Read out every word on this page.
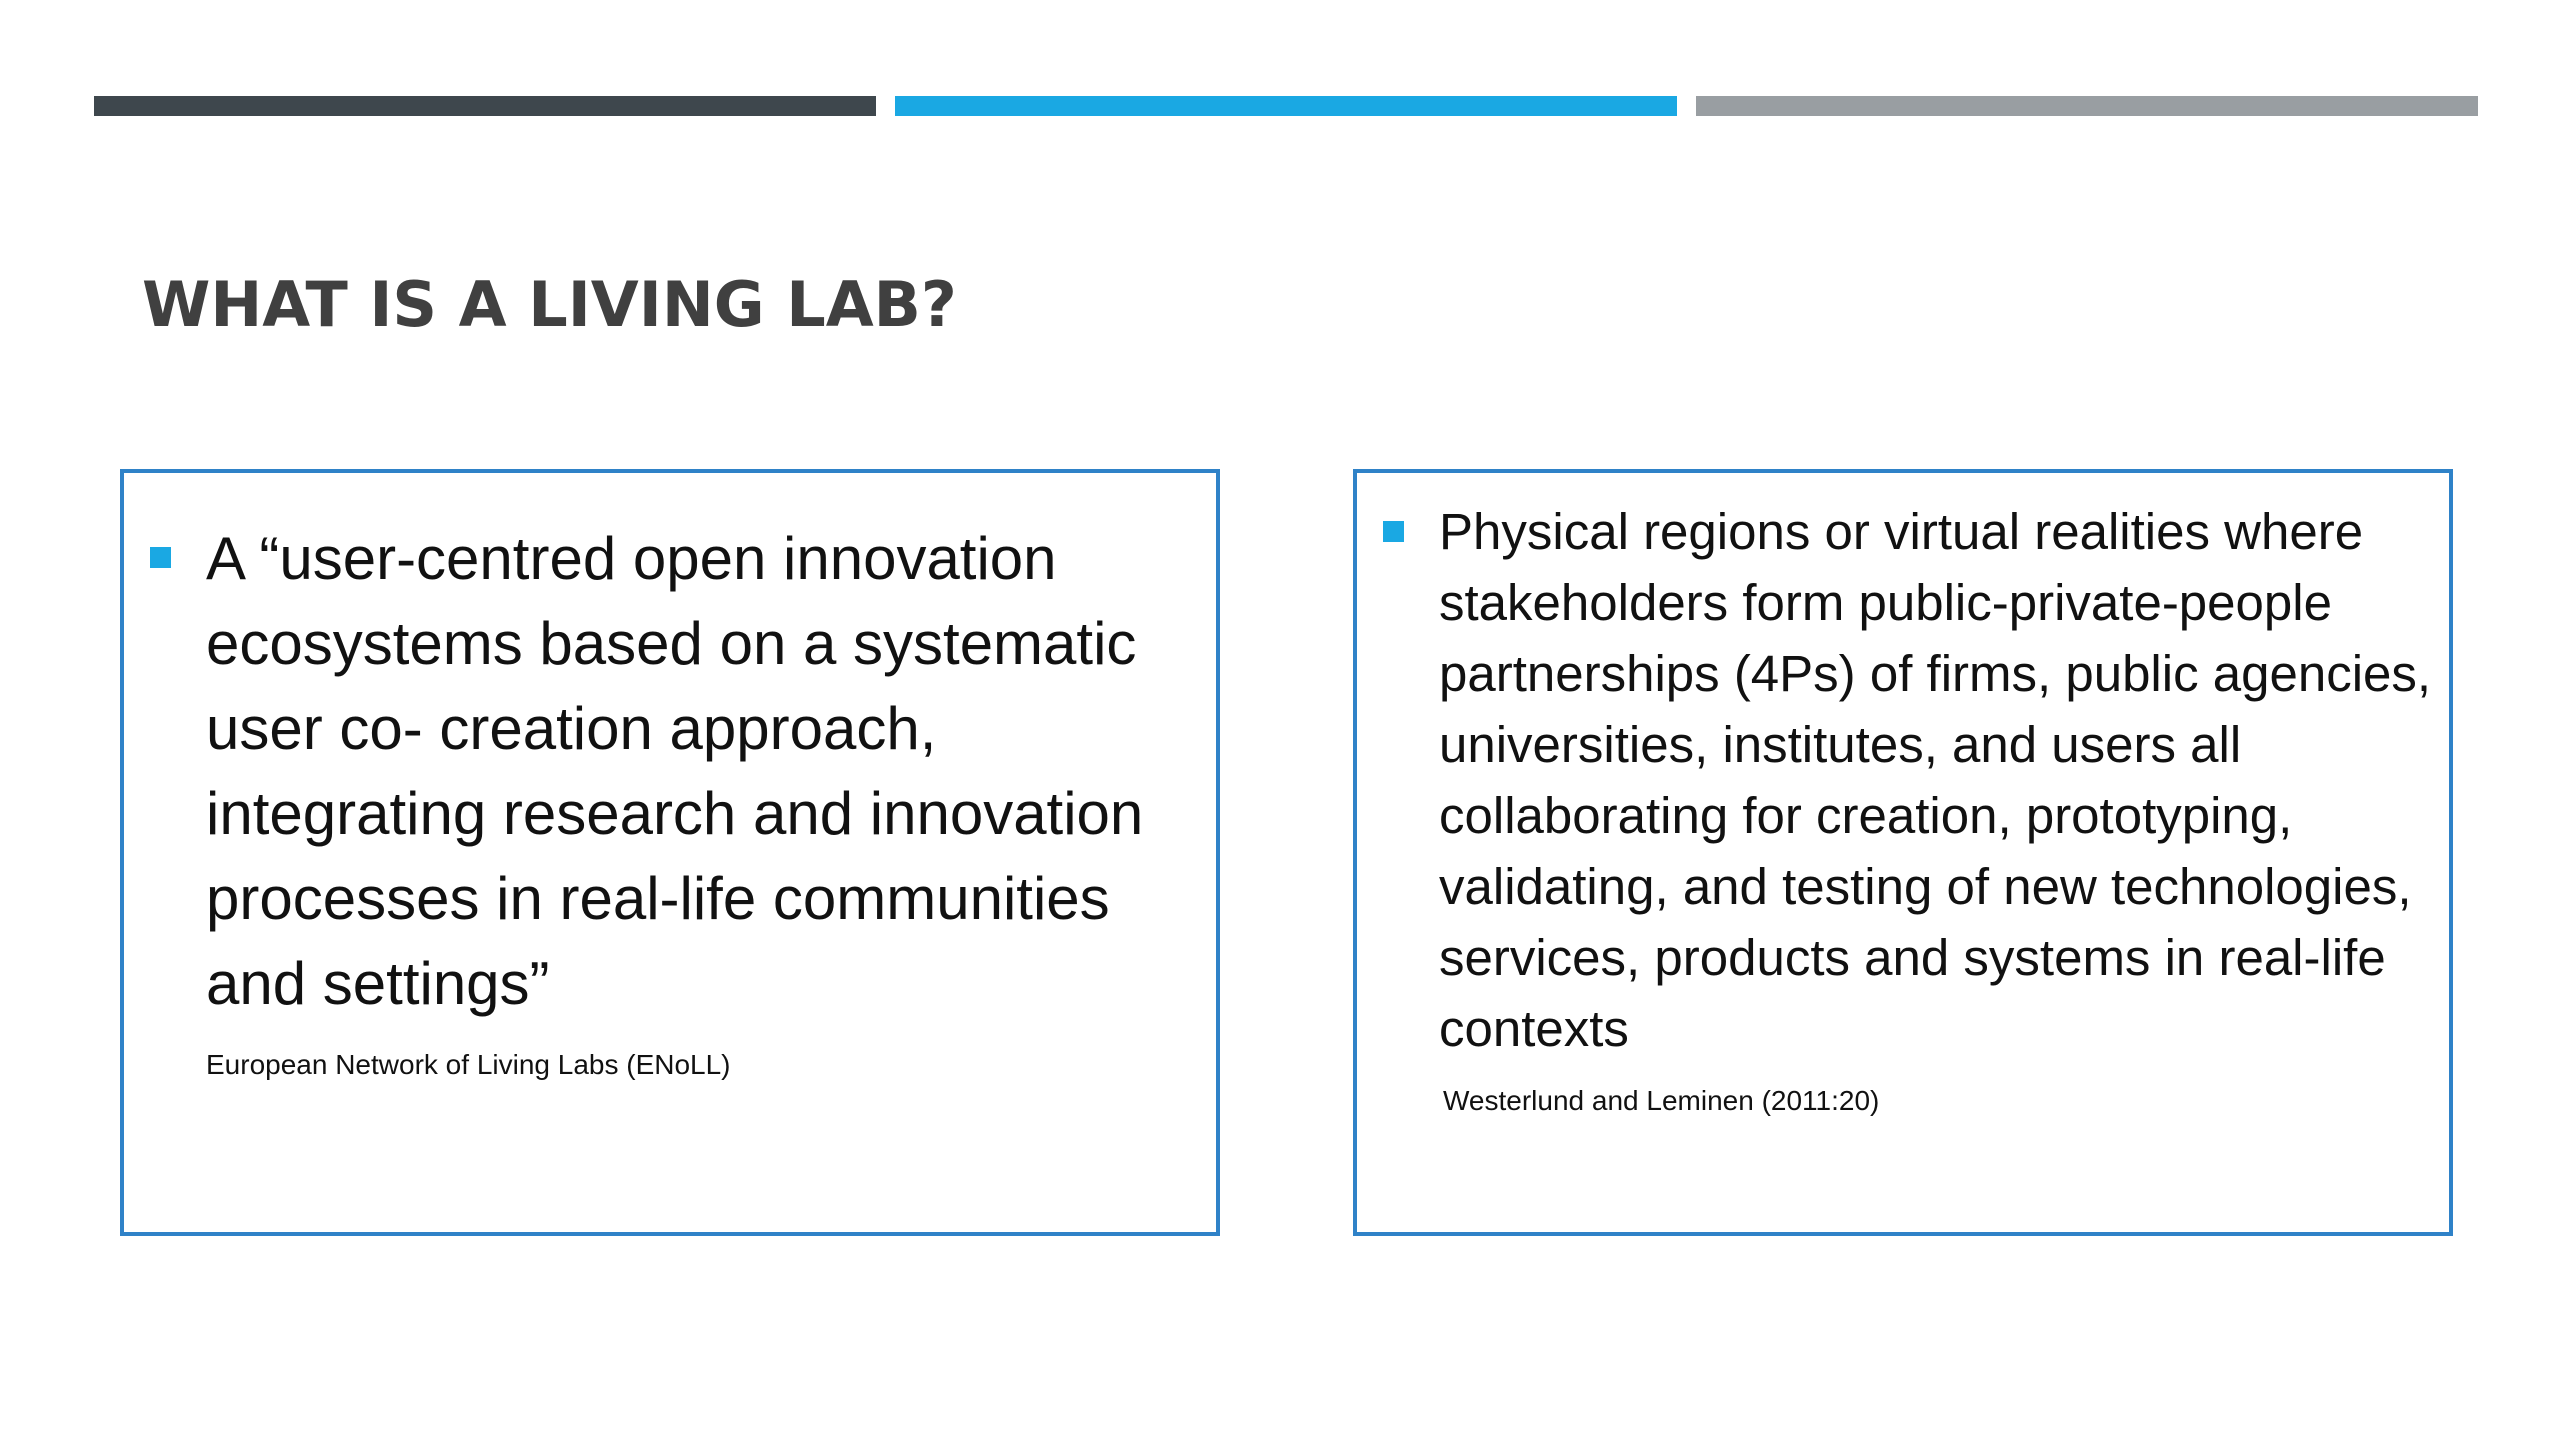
WHAT IS A LIVING LAB?

A “user-centred open innovation ecosystems based on a systematic user co- creation approach, integrating research and innovation processes in real-life communities and settings”

European Network of Living Labs (ENoLL)

Physical regions or virtual realities where stakeholders form public-private-people partnerships (4Ps) of firms, public agencies, universities, institutes, and users all collaborating for creation, prototyping, validating, and testing of new technologies, services, products and systems in real-life contexts

Westerlund and Leminen (2011:20)
